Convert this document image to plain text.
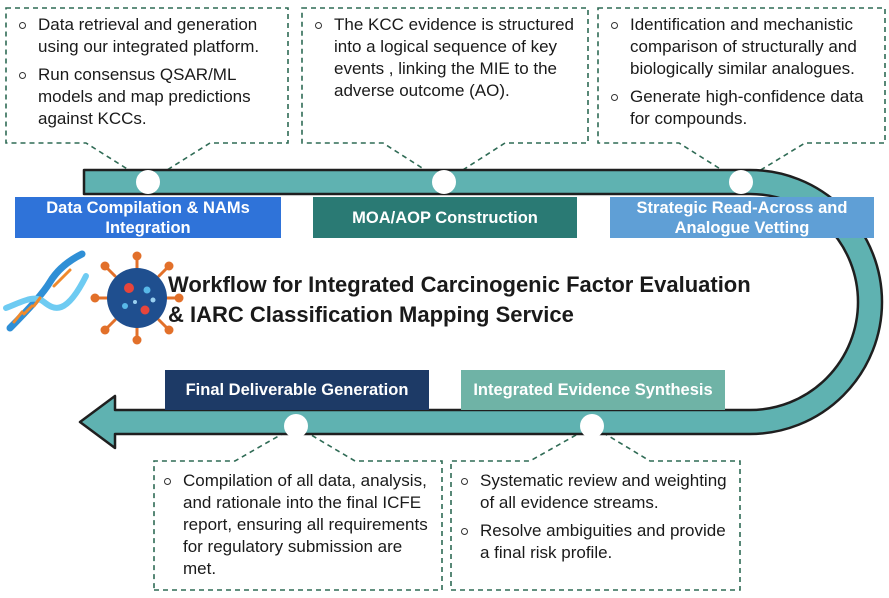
Data retrieval and generation using our integrated platform.
Run consensus QSAR/ML models and map predictions against KCCs.
The KCC evidence is structured into a logical sequence of key events , linking the MIE to the adverse outcome (AO).
Identification and mechanistic comparison of structurally and biologically similar analogues.
Generate high-confidence data for compounds.
Compilation of all data, analysis, and rationale into the final ICFE report, ensuring all requirements for regulatory submission are met.
Systematic review and weighting of all evidence streams.
Resolve ambiguities and provide a final risk profile.
Data Compilation & NAMs Integration
MOA/AOP Construction
Strategic Read-Across and Analogue Vetting
Integrated Evidence Synthesis
Final Deliverable Generation
Workflow for Integrated Carcinogenic Factor Evaluation
& IARC Classification Mapping Service
